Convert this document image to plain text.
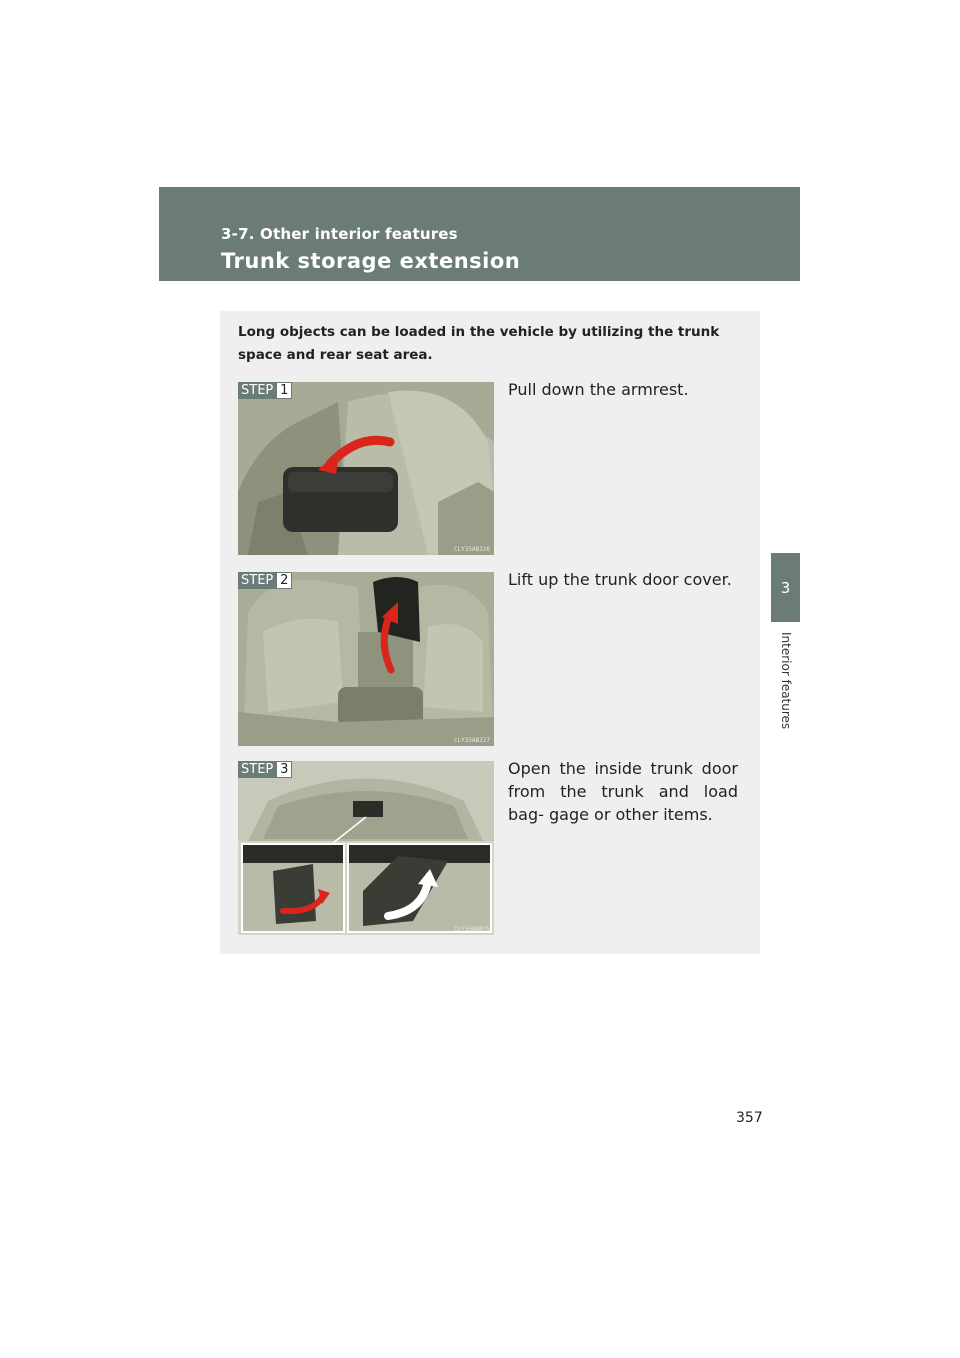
3-7. Other interior features
Trunk storage extension
3
Interior features
Long objects can be loaded in the vehicle by utilizing the trunk space and rear seat area.
STEP 1
CLY35AB326
Pull down the armrest.
STEP 2
CLY35AB327
Lift up the trunk door cover.
STEP 3
CLY35AB075
Open the inside trunk door from the trunk and load bag- gage or other items.
357
